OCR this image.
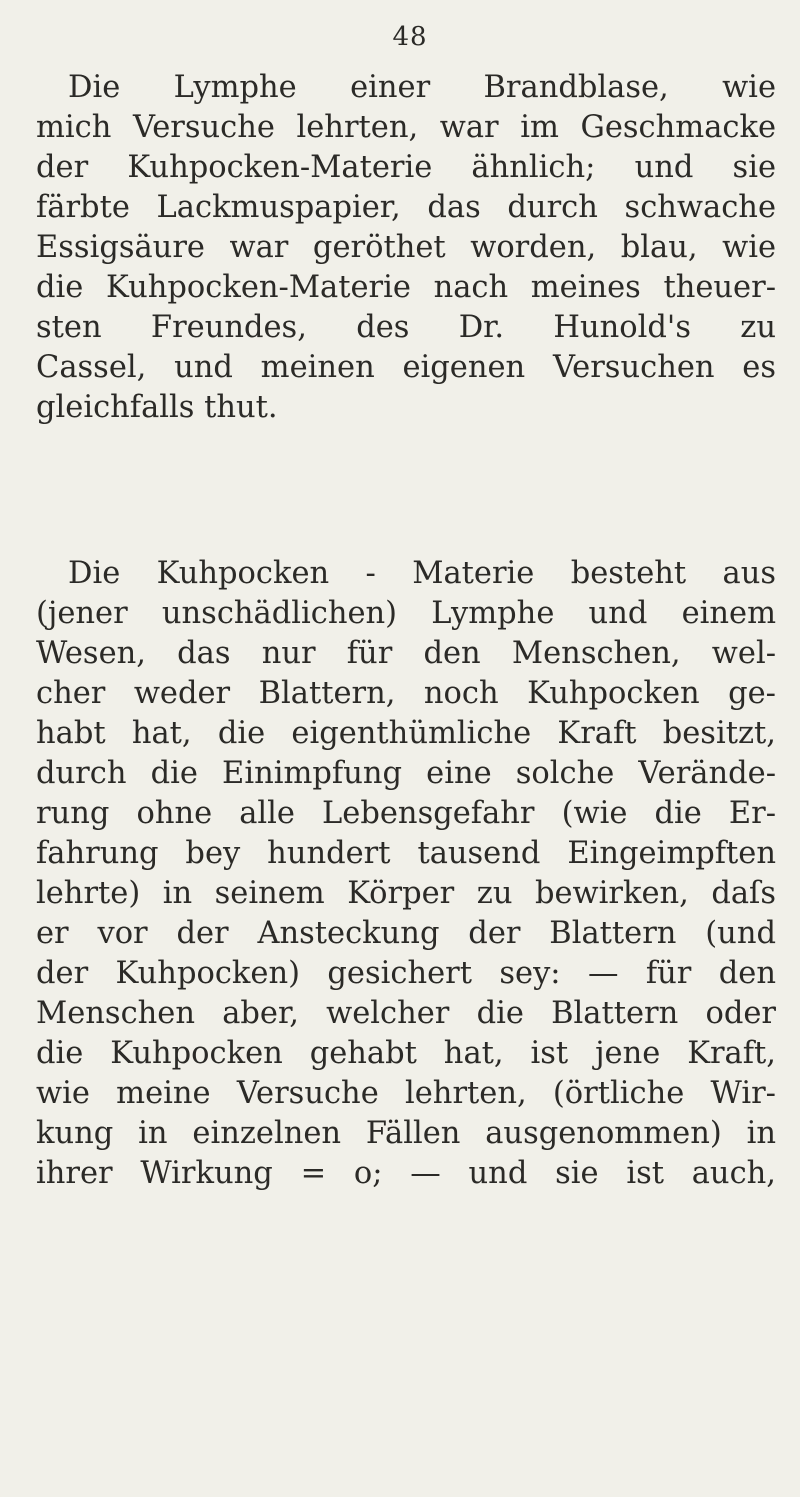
48
Die Lymphe einer Brandblase, wie
mich Versuche lehrten, war im Geschmacke
der Kuhpocken-Materie ähnlich; und sie
färbte Lackmuspapier, das durch schwache
Essigsäure war geröthet worden, blau, wie
die Kuhpocken-Materie nach meines theuer-
sten Freundes, des Dr. Hunold's zu
Cassel, und meinen eigenen Versuchen es
gleichfalls thut.
Die Kuhpocken - Materie besteht aus
(jener unschädlichen) Lymphe und einem
Wesen, das nur für den Menschen, wel-
cher weder Blattern, noch Kuhpocken ge-
habt hat, die eigenthümliche Kraft besitzt,
durch die Einimpfung eine solche Verände-
rung ohne alle Lebensgefahr (wie die Er-
fahrung bey hundert tausend Eingeimpften
lehrte) in seinem Körper zu bewirken, daſs
er vor der Ansteckung der Blattern (und
der Kuhpocken) gesichert sey: — für den
Menschen aber, welcher die Blattern oder
die Kuhpocken gehabt hat, ist jene Kraft,
wie meine Versuche lehrten, (örtliche Wir-
kung in einzelnen Fällen ausgenommen) in
ihrer Wirkung = o; — und sie ist auch,
